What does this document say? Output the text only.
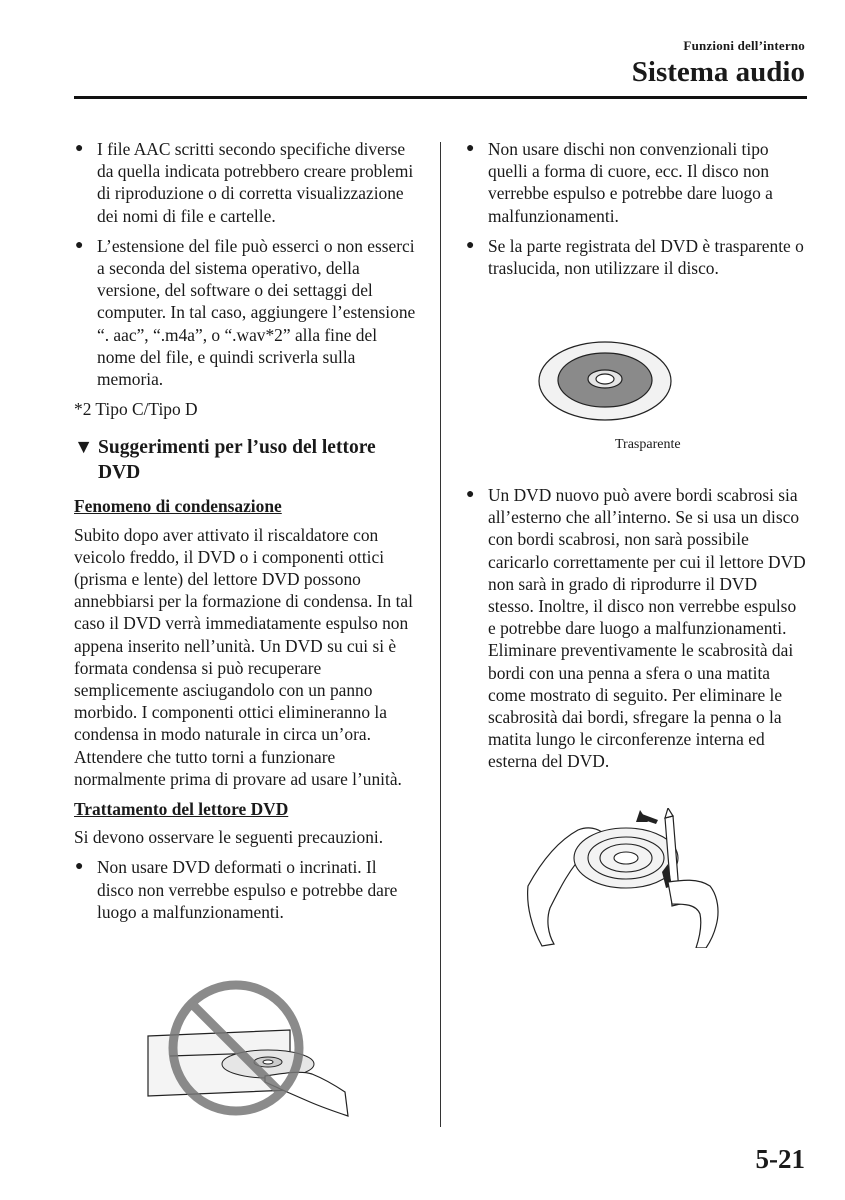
Funzioni dell’interno
Sistema audio
● I file AAC scritti secondo specifiche diverse da quella indicata potrebbero creare problemi di riproduzione o di corretta visualizzazione dei nomi di file e cartelle.
● L’estensione del file può esserci o non esserci a seconda del sistema operativo, della versione, del software o dei settaggi del computer. In tal caso, aggiungere l’estensione “. aac”, “.m4a”, o “.wav*2” alla fine del nome del file, e quindi scriverla sulla memoria.
*2 Tipo C/Tipo D
▼ Suggerimenti per l’uso del lettore DVD
Fenomeno di condensazione

Subito dopo aver attivato il riscaldatore con veicolo freddo, il DVD o i componenti ottici (prisma e lente) del lettore DVD possono annebbiarsi per la formazione di condensa. In tal caso il DVD verrà immediatamente espulso non appena inserito nell’unità. Un DVD su cui si è formata condensa si può recuperare semplicemente asciugandolo con un panno morbido. I componenti ottici elimineranno la condensa in modo naturale in circa un’ora. Attendere che tutto torni a funzionare normalmente prima di provare ad usare l’unità.

Trattamento del lettore DVD

Si devono osservare le seguenti precauzioni.

● Non usare DVD deformati o incrinati. Il disco non verrebbe espulso e potrebbe dare luogo a malfunzionamenti.
● Non usare dischi non convenzionali tipo quelli a forma di cuore, ecc. Il disco non verrebbe espulso e potrebbe dare luogo a malfunzionamenti.
● Se la parte registrata del DVD è trasparente o traslucida, non utilizzare il disco.
Trasparente
● Un DVD nuovo può avere bordi scabrosi sia all’esterno che all’interno. Se si usa un disco con bordi scabrosi, non sarà possibile caricarlo correttamente per cui il lettore DVD non sarà in grado di riprodurre il DVD stesso. Inoltre, il disco non verrebbe espulso e potrebbe dare luogo a malfunzionamenti. Eliminare preventivamente le scabrosità dai bordi con una penna a sfera o una matita come mostrato di seguito. Per eliminare le scabrosità dai bordi, sfregare la penna o la matita lungo le circonferenze interna ed esterna del DVD.
5-21
